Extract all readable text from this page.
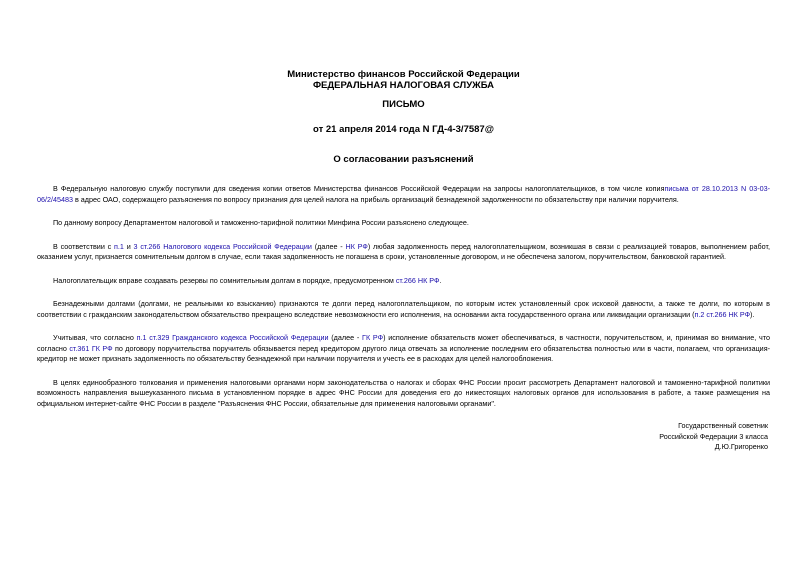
Министерство финансов Российской Федерации
ФЕДЕРАЛЬНАЯ НАЛОГОВАЯ СЛУЖБА
ПИСЬМО
от 21 апреля 2014 года N ГД-4-3/7587@
О согласовании разъяснений

В Федеральную налоговую службу поступили для сведения копии ответов Министерства финансов Российской Федерации на запросы налогоплательщиков, в том числе копияписьма от 28.10.2013 N 03-03-06/2/45483 в адрес ОАО, содержащего разъяснения по вопросу признания для целей налога на прибыль организаций безнадежной задолженности по обязательству при наличии поручителя.

По данному вопросу Департаментом налоговой и таможенно-тарифной политики Минфина России разъяснено следующее.

В соответствии с п.1 и 3 ст.266 Налогового кодекса Российской Федерации (далее - НК РФ) любая задолженность перед налогоплательщиком, возникшая в связи с реализацией товаров, выполнением работ, оказанием услуг, признается сомнительным долгом в случае, если такая задолженность не погашена в сроки, установленные договором, и не обеспечена залогом, поручительством, банковской гарантией.

Налогоплательщик вправе создавать резервы по сомнительным долгам в порядке, предусмотренном ст.266 НК РФ.

Безнадежными долгами (долгами, не реальными ко взысканию) признаются те долги перед налогоплательщиком, по которым истек установленный срок исковой давности, а также те долги, по которым в соответствии с гражданским законодательством обязательство прекращено вследствие невозможности его исполнения, на основании акта государственного органа или ликвидации организации (п.2 ст.266 НК РФ).

Учитывая, что согласно п.1 ст.329 Гражданского кодекса Российской Федерации (далее - ГК РФ) исполнение обязательств может обеспечиваться, в частности, поручительством, и, принимая во внимание, что согласно ст.361 ГК РФ по договору поручительства поручитель обязывается перед кредитором другого лица отвечать за исполнение последним его обязательства полностью или в части, полагаем, что организация-кредитор не может признать задолженность по обязательству безнадежной при наличии поручителя и учесть ее в расходах для целей налогообложения.

В целях единообразного толкования и применения налоговыми органами норм законодательства о налогах и сборах ФНС России просит рассмотреть Департамент налоговой и таможенно-тарифной политики возможность направления вышеуказанного письма в установленном порядке в адрес ФНС России для доведения его до нижестоящих налоговых органов для использования в работе, а также размещения на официальном интернет-сайте ФНС России в разделе "Разъяснения ФНС России, обязательные для применения налоговыми органами".

Государственный советник
Российской Федерации 3 класса
Д.Ю.Григоренко
